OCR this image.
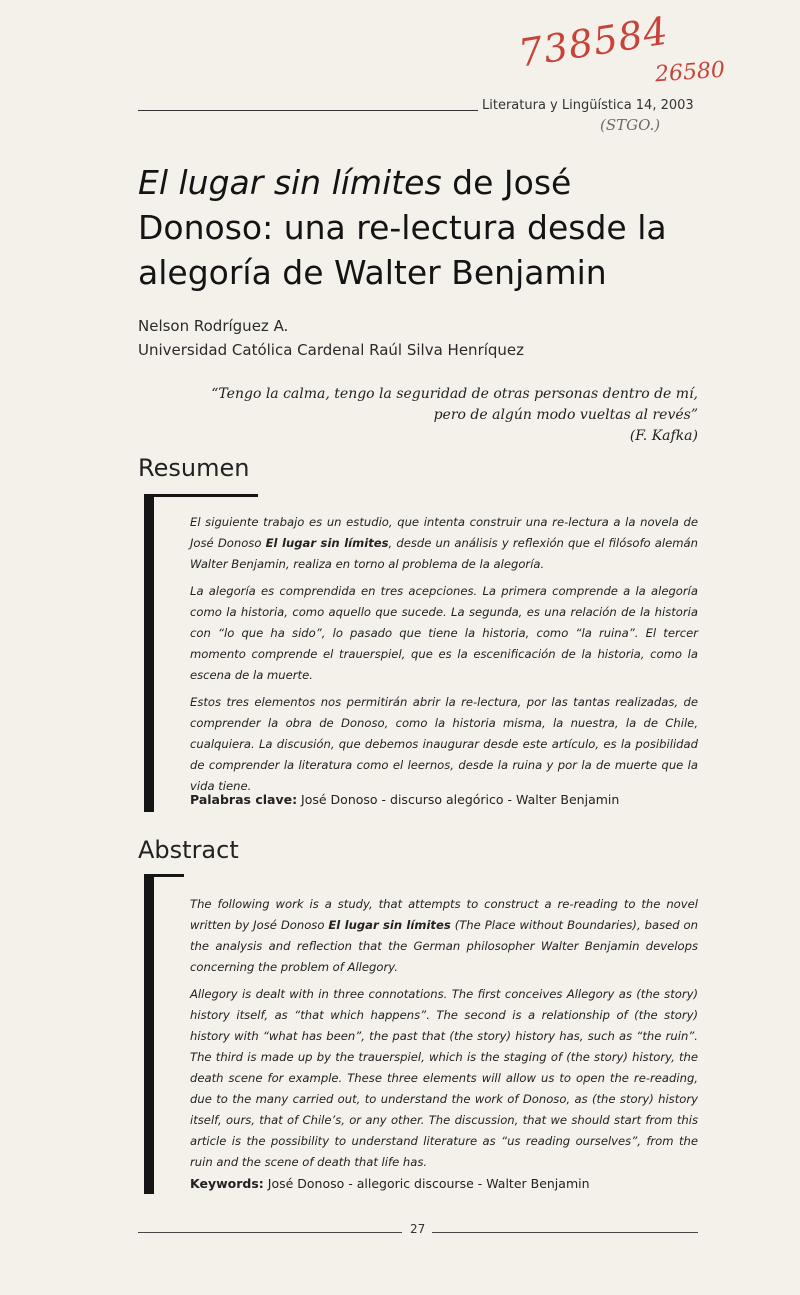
738584
26580
(STGO.)
Literatura y Lingüística 14, 2003
El lugar sin límites de José Donoso: una re-lectura desde la alegoría de Walter Benjamin
Nelson Rodríguez A.
Universidad Católica Cardenal Raúl Silva Henríquez
“Tengo la calma, tengo la seguridad de otras personas dentro de mí,
pero de algún modo vueltas al revés”
(F. Kafka)
Resumen

El siguiente trabajo es un estudio, que intenta construir una re-lectura a la novela de José Donoso El lugar sin límites, desde un análisis y reflexión que el filósofo alemán Walter Benjamin, realiza en torno al problema de la alegoría.

La alegoría es comprendida en tres acepciones. La primera comprende a la alegoría como la historia, como aquello que sucede. La segunda, es una relación de la historia con “lo que ha sido”, lo pasado que tiene la historia, como “la ruina”. El tercer momento comprende el trauerspiel, que es la escenificación de la historia, como la escena de la muerte.

Estos tres elementos nos permitirán abrir la re-lectura, por las tantas realizadas, de comprender la obra de Donoso, como la historia misma, la nuestra, la de Chile, cualquiera. La discusión, que debemos inaugurar desde este artículo, es la posibilidad de comprender la literatura como el leernos, desde la ruina y por la de muerte que la vida tiene.

Palabras clave: José Donoso - discurso alegórico - Walter Benjamin
Abstract

The following work is a study, that attempts to construct a re-reading to the novel written by José Donoso El lugar sin límites (The Place without Boundaries), based on the analysis and reflection that the German philosopher Walter Benjamin develops concerning the problem of Allegory.

Allegory is dealt with in three connotations. The first conceives Allegory as (the story) history itself, as “that which happens”. The second is a relationship of (the story) history with “what has been”, the past that (the story) history has, such as “the ruin”. The third is made up by the trauerspiel, which is the staging of (the story) history, the death scene for example. These three elements will allow us to open the re-reading, due to the many carried out, to understand the work of Donoso, as (the story) history itself, ours, that of Chile’s, or any other. The discussion, that we should start from this article is the possibility to understand literature as “us reading ourselves”, from the ruin and the scene of death that life has.

Keywords: José Donoso - allegoric discourse - Walter Benjamin
27
